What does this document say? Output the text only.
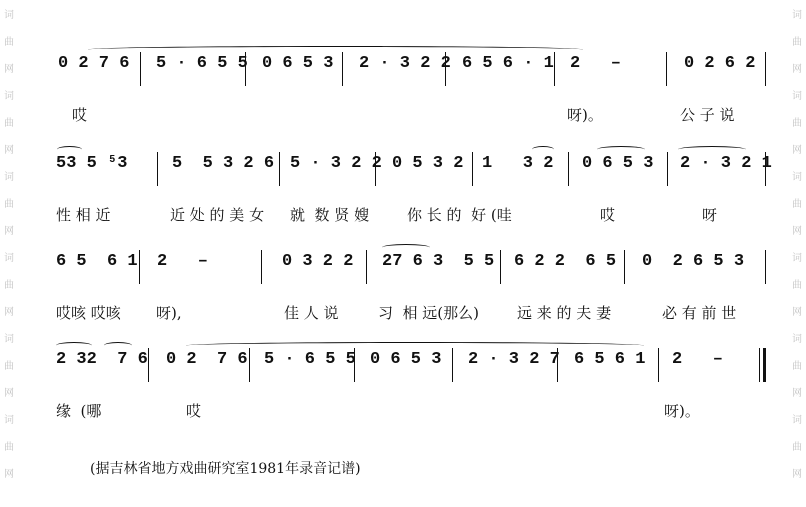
词
曲
网
词
曲
网
词
曲
网
词
曲
网
词
曲
网
词
曲
网
词
曲
网
词
曲
网
词
曲
网
词
曲
网
词
曲
网
词
曲
网
0 2 7 6 5 · 6 5 5 0 6 5 3 2 · 3 2 2 6 5 6 · 1 2   –	0 2 6 2
哎	呀)。	公 子 说
53 5 ⁵3	5  5 3 2 6 5 · 3 2 2 0 5 3 2 1   3 2 0 6 5 3 2 · 3 2 1
性 相 近	近 处 的 美 女 就  数 贤 嫂	你 长 的  好 (哇	哎	呀
6 5  6 1 2   –	0 3 2 2 27 6 3  5 5 6 2 2  6 5 0  2 6 5 3
哎咳 哎咳 呀),	佳 人 说	习  相 远(那么)	远 来 的 夫 妻	必 有 前 世
2 32  7 6 0 2  7 6 5 · 6 5 5 0 6 5 3 2 · 3 2 7 6 5 6 1 2   –
缘  (哪	哎	呀)。
(据吉林省地方戏曲研究室1981年录音记谱)
